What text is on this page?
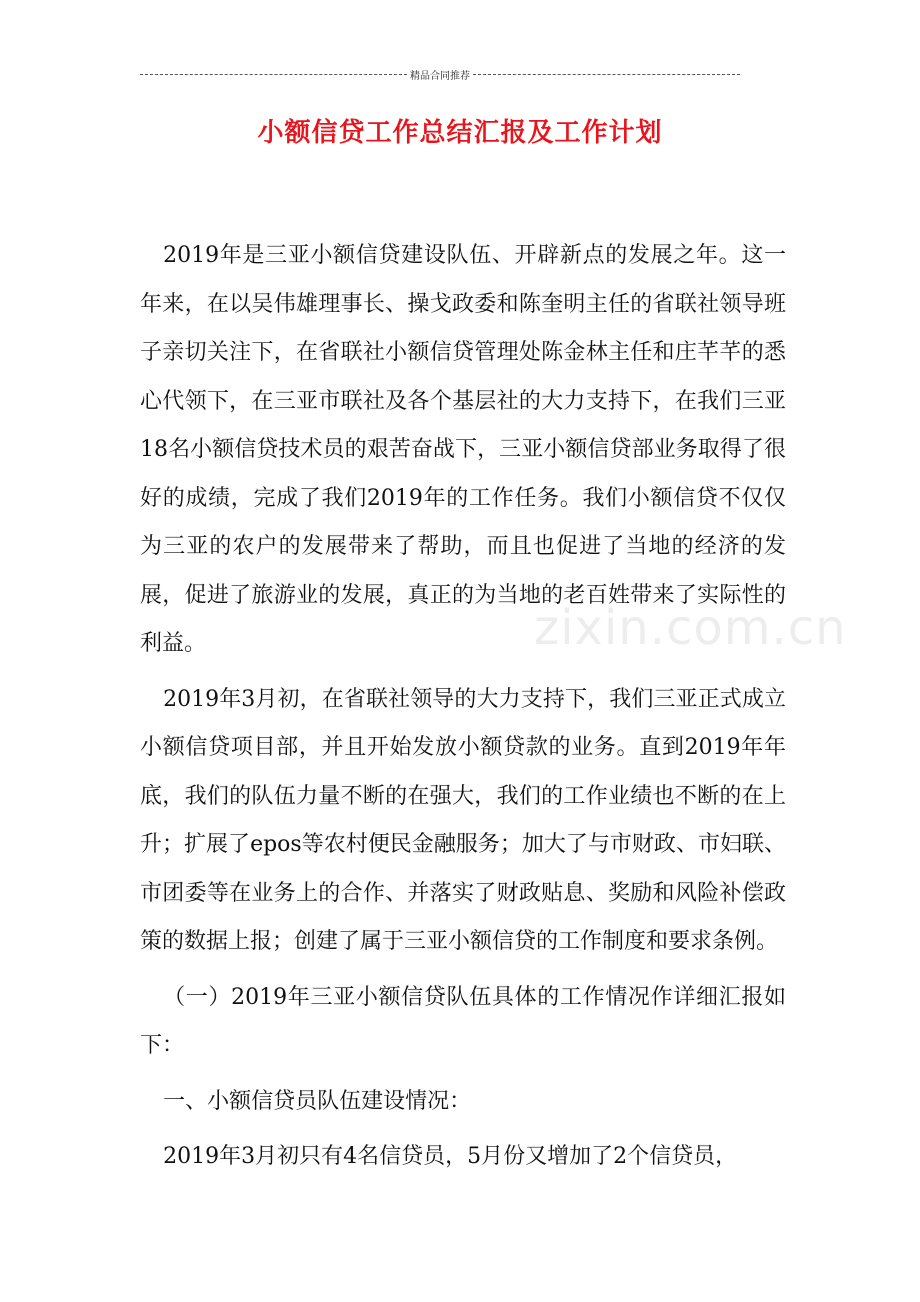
精品合同推荐
小额信贷工作总结汇报及工作计划

2019年是三亚小额信贷建设队伍、开辟新点的发展之年。这一年来，在以吴伟雄理事长、操戈政委和陈奎明主任的省联社领导班子亲切关注下，在省联社小额信贷管理处陈金林主任和庄芊芊的悉心代领下，在三亚市联社及各个基层社的大力支持下，在我们三亚18名小额信贷技术员的艰苦奋战下，三亚小额信贷部业务取得了很好的成绩，完成了我们2019年的工作任务。我们小额信贷不仅仅为三亚的农户的发展带来了帮助，而且也促进了当地的经济的发展，促进了旅游业的发展，真正的为当地的老百姓带来了实际性的利益。

2019年3月初，在省联社领导的大力支持下，我们三亚正式成立小额信贷项目部，并且开始发放小额贷款的业务。直到2019年年底，我们的队伍力量不断的在强大，我们的工作业绩也不断的在上升；扩展了epos等农村便民金融服务；加大了与市财政、市妇联、市团委等在业务上的合作、并落实了财政贴息、奖励和风险补偿政策的数据上报；创建了属于三亚小额信贷的工作制度和要求条例。

（一）2019年三亚小额信贷队伍具体的工作情况作详细汇报如下：

一、小额信贷员队伍建设情况：

2019年3月初只有4名信贷员，5月份又增加了2个信贷员，

zixin.com.cn
